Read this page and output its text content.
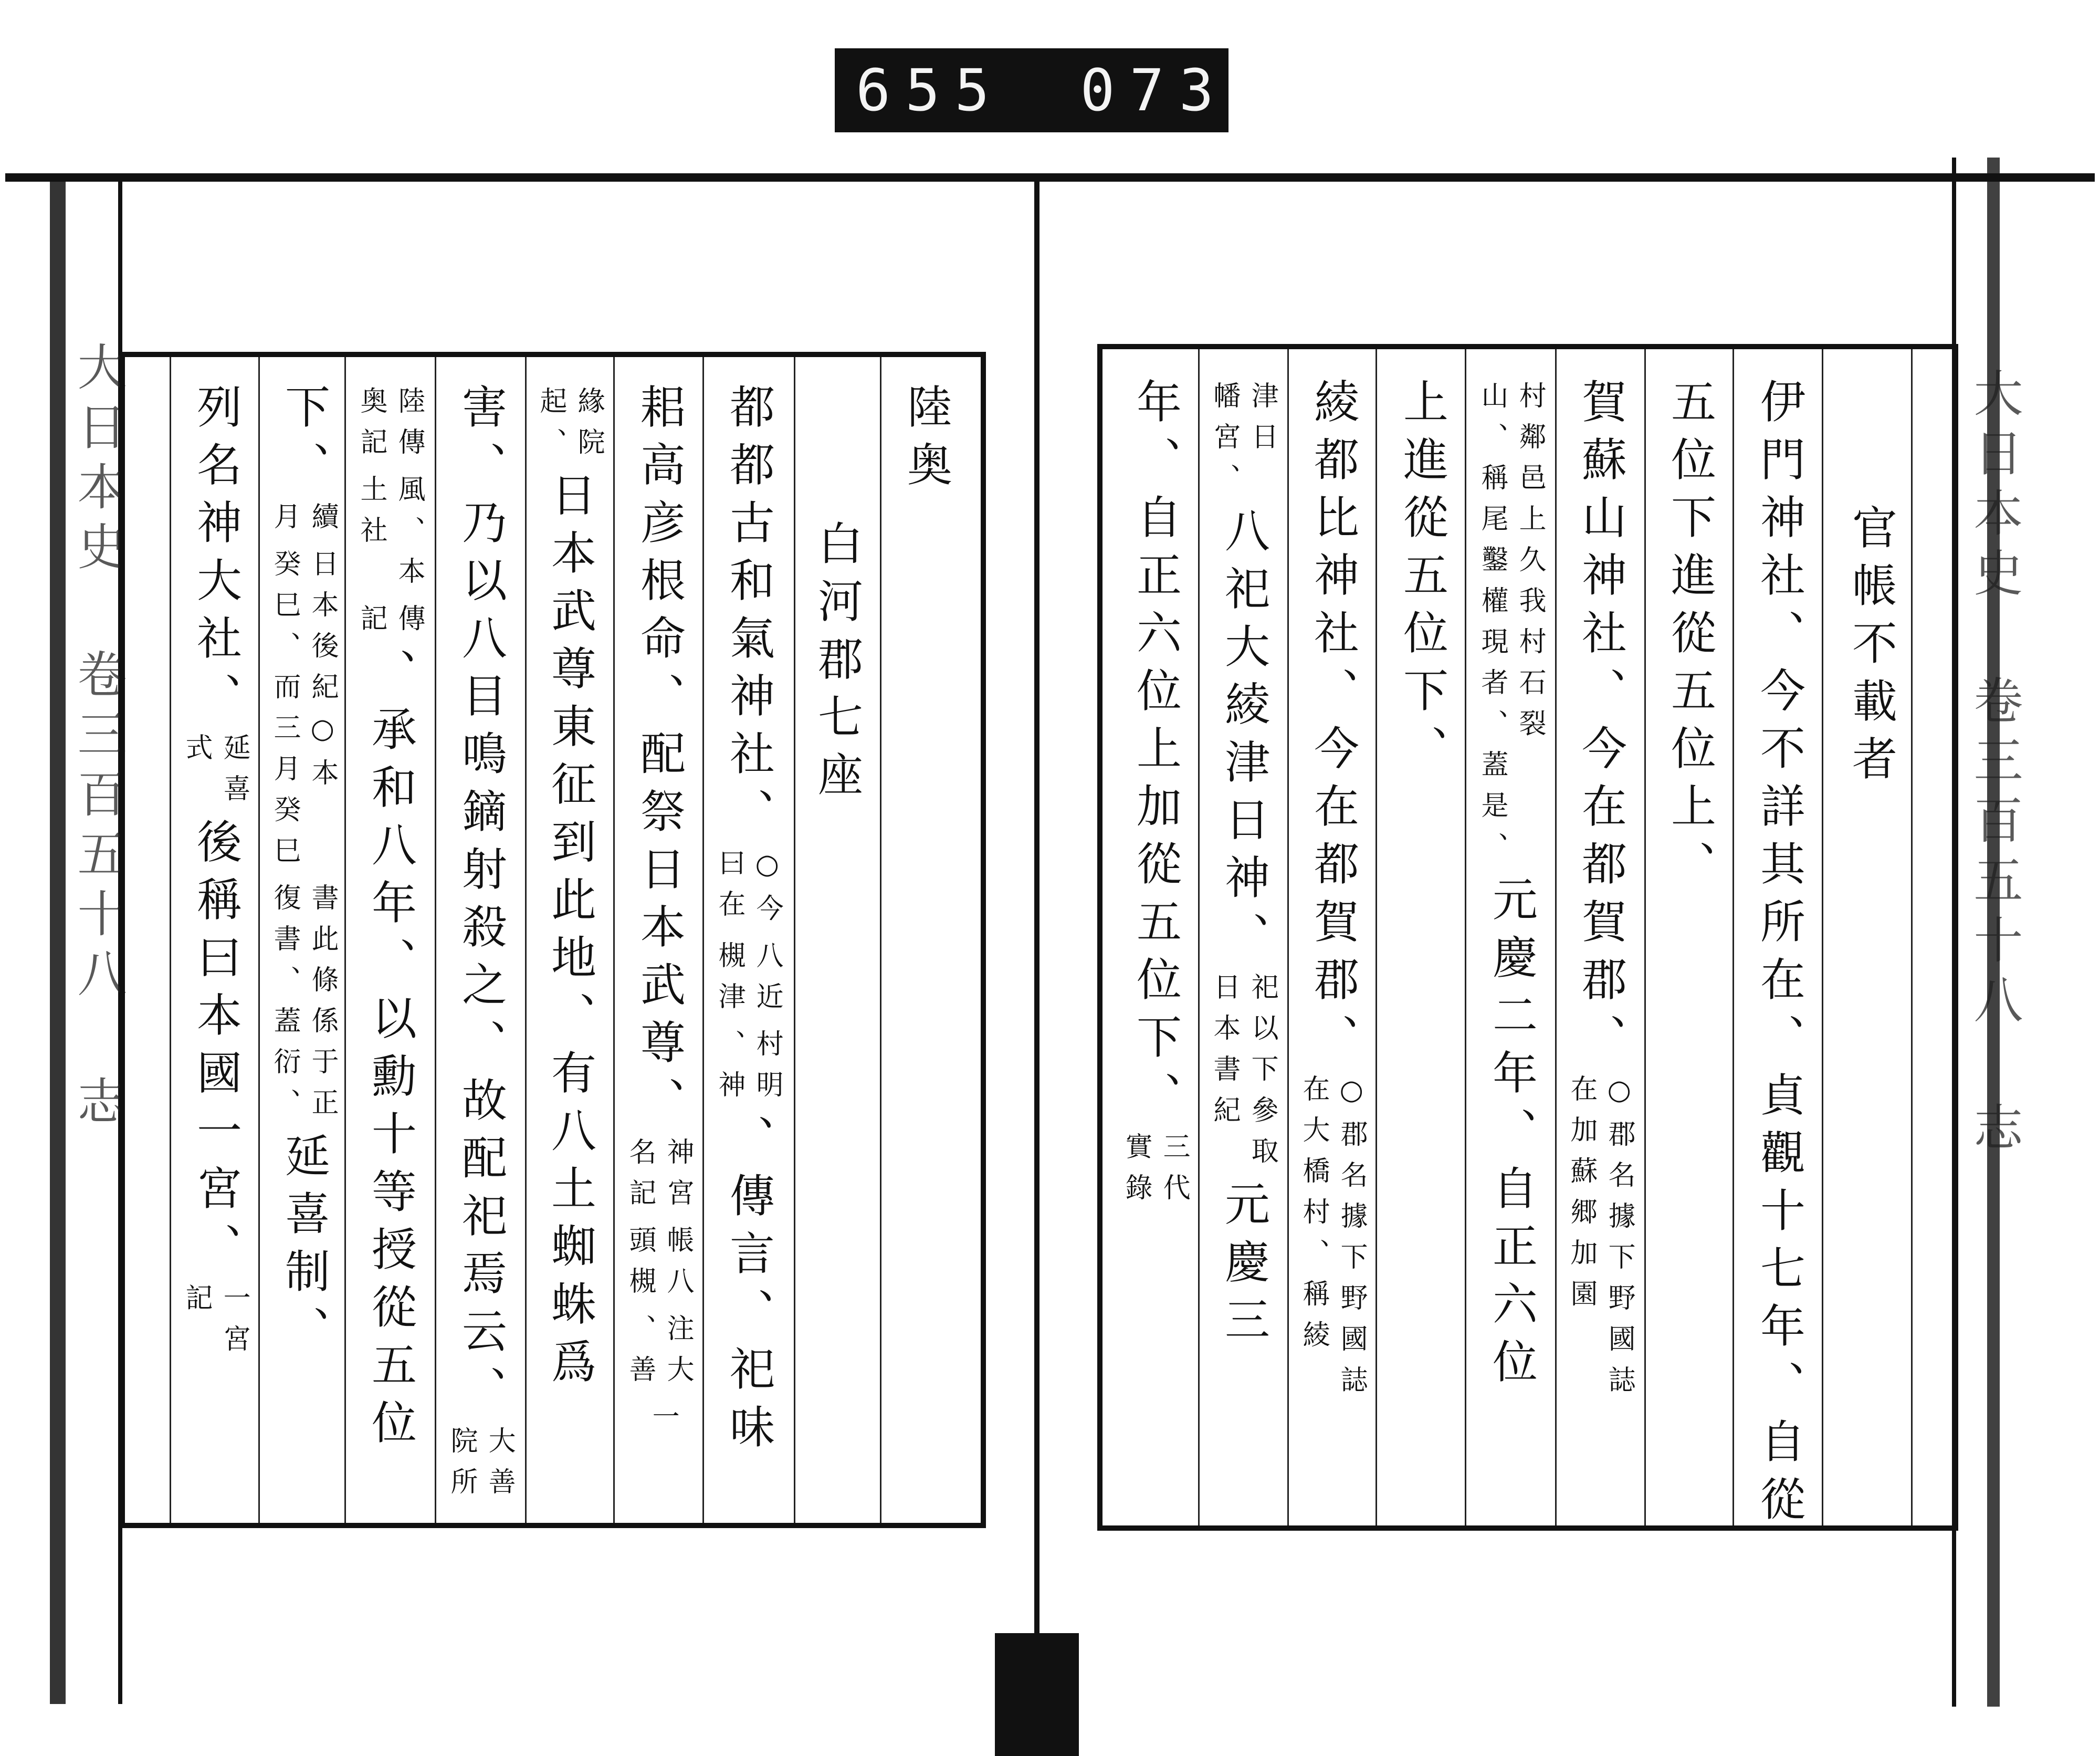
655 073
大日本史 卷三百五十八 志	大日本史 卷三百五十八 志
陸奥
白河郡七座
都都古和氣神社、
○今
曰在
八近
槻津
村明
、神
、傳言、祀味
耜高彦根命、配祭日本武尊、
神宮
名記
帳八
頭槻
注大
、善
一
緣院
起、
日本武尊東征到此地、有八土蜘蛛爲
害、乃以八目鳴鏑射殺之、故配祀焉云、
大善
院所
陸傳
奥記
風、本
土社
傳
記
、承和八年、以勳十等授從五位
下、
續
月
日本後紀○本
癸巳、而三月癸巳
書此條係于正
復書、蓋衍、
延喜制、
列名神大社、
延喜
式
後稱曰本國一宮、
一宮
記
官帳不載者
伊門神社、今不詳其所在、貞觀十七年、自從
五位下進從五位上、
賀蘇山神社、今在都賀郡、
○郡名據下野國誌
在加蘇郷加園
村鄰邑上久我村石裂
山、稱尾鑿權現者、蓋是、
元慶二年、自正六位
上進從五位下、
綾都比神社、今在都賀郡、
○郡名據下野國誌
在大橋村、稱綾
津日
幡宮、
八祀大綾津日神、
祀以下參取
日本書紀
元慶三
年、自正六位上加從五位下、
三代
實錄
